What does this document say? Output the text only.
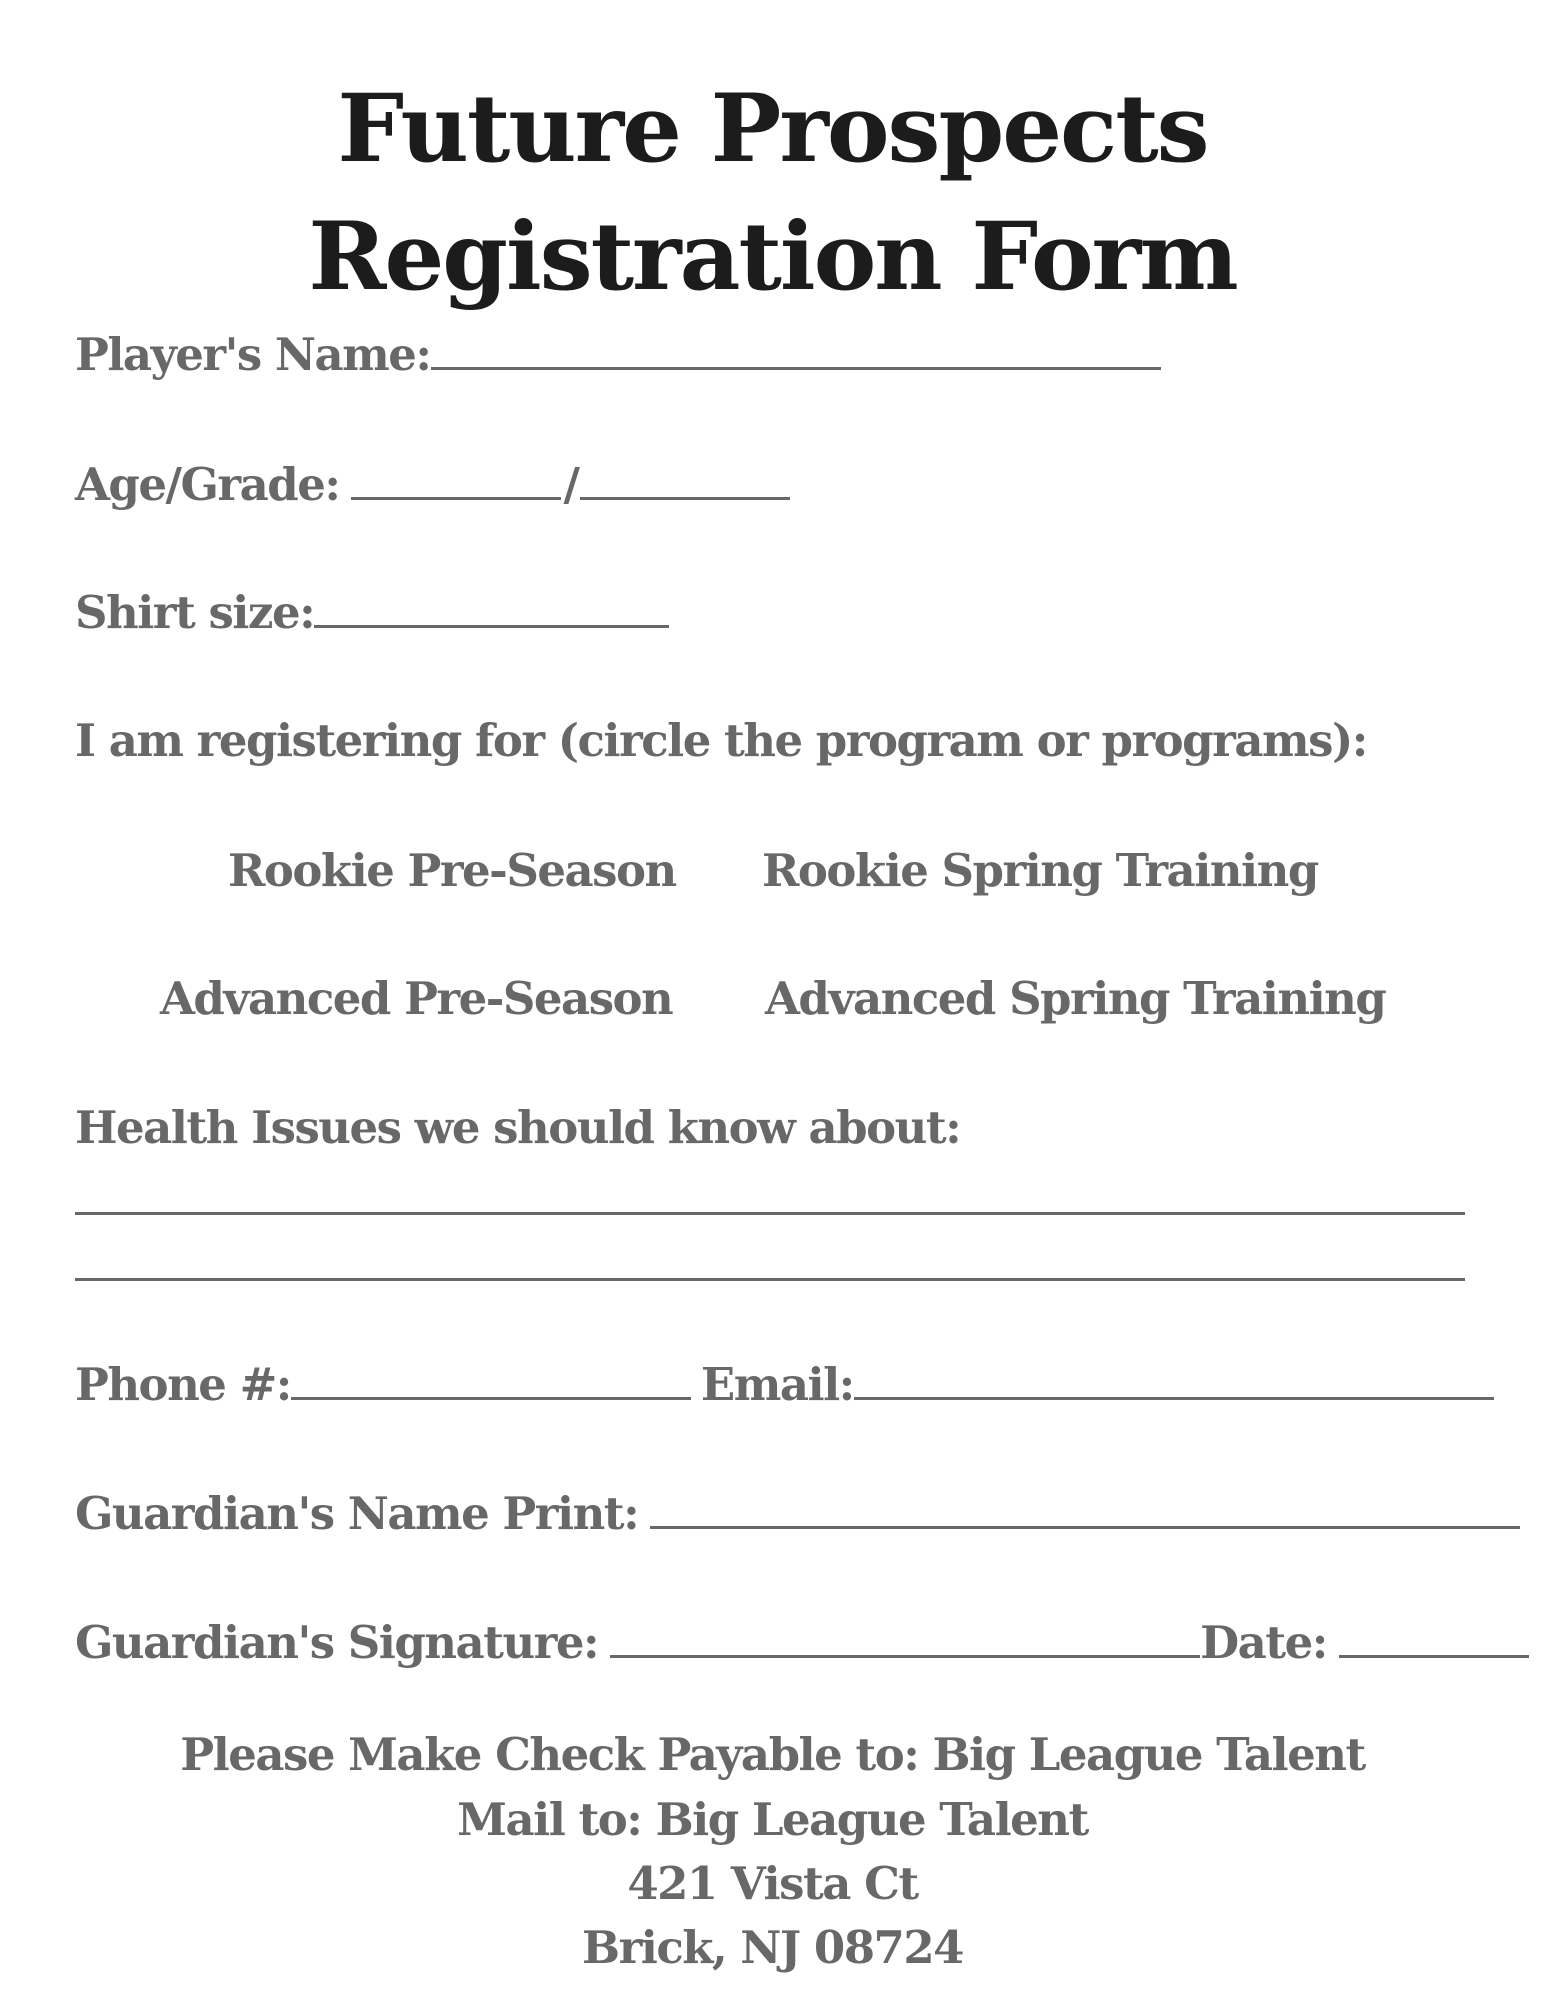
Future Prospects
Registration Form
Player's Name:
Age/Grade:	/
Shirt size:
I am registering for (circle the program or programs):
Rookie Pre-Season Rookie Spring Training
Advanced Pre-Season Advanced Spring Training
Health Issues we should know about:
Phone #:	Email:
Guardian's Name Print:
Guardian's Signature:	Date:
Please Make Check Payable to: Big League Talent
Mail to: Big League Talent
421 Vista Ct
Brick, NJ 08724
